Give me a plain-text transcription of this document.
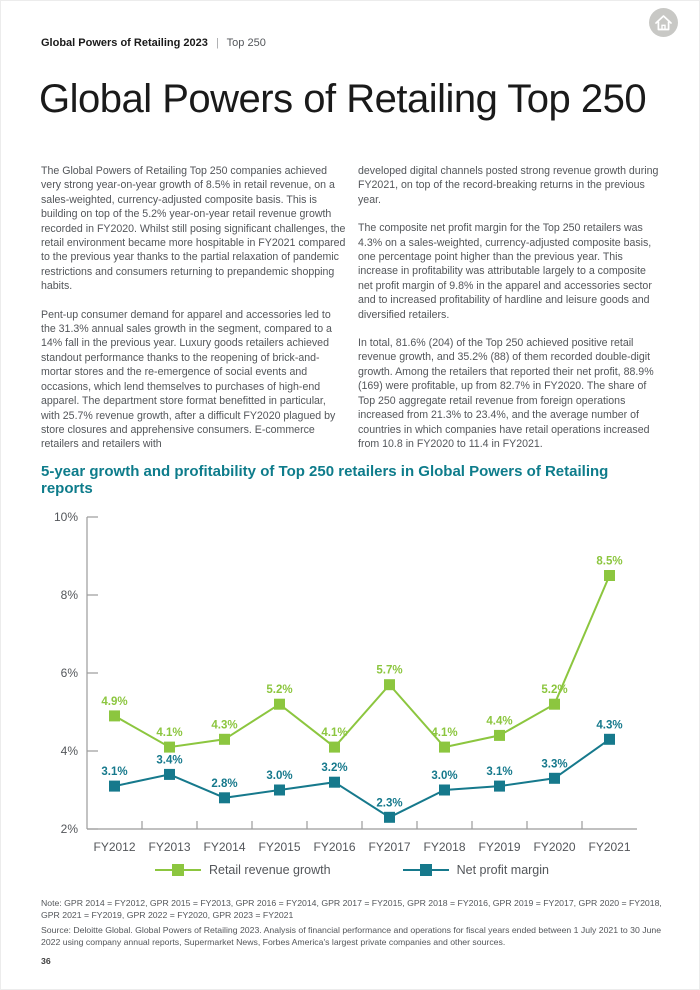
Global Powers of Retailing 2023 | Top 250
Global Powers of Retailing Top 250

The Global Powers of Retailing Top 250 companies achieved very strong year-on-year growth of 8.5% in retail revenue, on a sales-weighted, currency-adjusted composite basis. This is building on top of the 5.2% year-on-year retail revenue growth recorded in FY2020. Whilst still posing significant challenges, the retail environment became more hospitable in FY2021 compared to the previous year thanks to the partial relaxation of pandemic restrictions and consumers returning to prepandemic shopping habits.

Pent-up consumer demand for apparel and accessories led to the 31.3% annual sales growth in the segment, compared to a 14% fall in the previous year. Luxury goods retailers achieved standout performance thanks to the reopening of brick-and-mortar stores and the re-emergence of social events and occasions, which lend themselves to purchases of high-end apparel. The department store format benefitted in particular, with 25.7% revenue growth, after a difficult FY2020 plagued by store closures and apprehensive consumers. E-commerce retailers and retailers with

developed digital channels posted strong revenue growth during FY2021, on top of the record-breaking returns in the previous year.

The composite net profit margin for the Top 250 retailers was 4.3% on a sales-weighted, currency-adjusted composite basis, one percentage point higher than the previous year. This increase in profitability was attributable largely to a composite net profit margin of 9.8% in the apparel and accessories sector and to increased profitability of hardline and leisure goods and diversified retailers.

In total, 81.6% (204) of the Top 250 achieved positive retail revenue growth, and 35.2% (88) of them recorded double-digit growth. Among the retailers that reported their net profit, 88.9% (169) were profitable, up from 82.7% in FY2020. The share of Top 250 aggregate retail revenue from foreign operations increased from 21.3% to 23.4%, and the average number of countries in which companies have retail operations increased from 10.8 in FY2020 to 11.4 in FY2021.

5-year growth and profitability of Top 250 retailers in Global Powers of Retailing reports
10%
8%
6%
4%
2%
FY2012 FY2013 FY2014 FY2015 FY2016 FY2017 FY2018 FY2019 FY2020 FY2021
4.9%
4.1%
4.3%
5.2%
4.1%
5.7%
4.1%
4.4%
5.2%
8.5%
3.1%
3.4%
2.8%
3.0%
3.2%
2.3%
3.0%	3.1%
3.3%
4.3%
Retail revenue growth	Net profit margin

Note: GPR 2014 = FY2012, GPR 2015 = FY2013, GPR 2016 = FY2014, GPR 2017 = FY2015, GPR 2018 = FY2016, GPR 2019 = FY2017, GPR 2020 = FY2018, GPR 2021 = FY2019, GPR 2022 = FY2020, GPR 2023 = FY2021

Source: Deloitte Global. Global Powers of Retailing 2023. Analysis of financial performance and operations for fiscal years ended between 1 July 2021 to 30 June 2022 using company annual reports, Supermarket News, Forbes America's largest private companies and other sources.

36
